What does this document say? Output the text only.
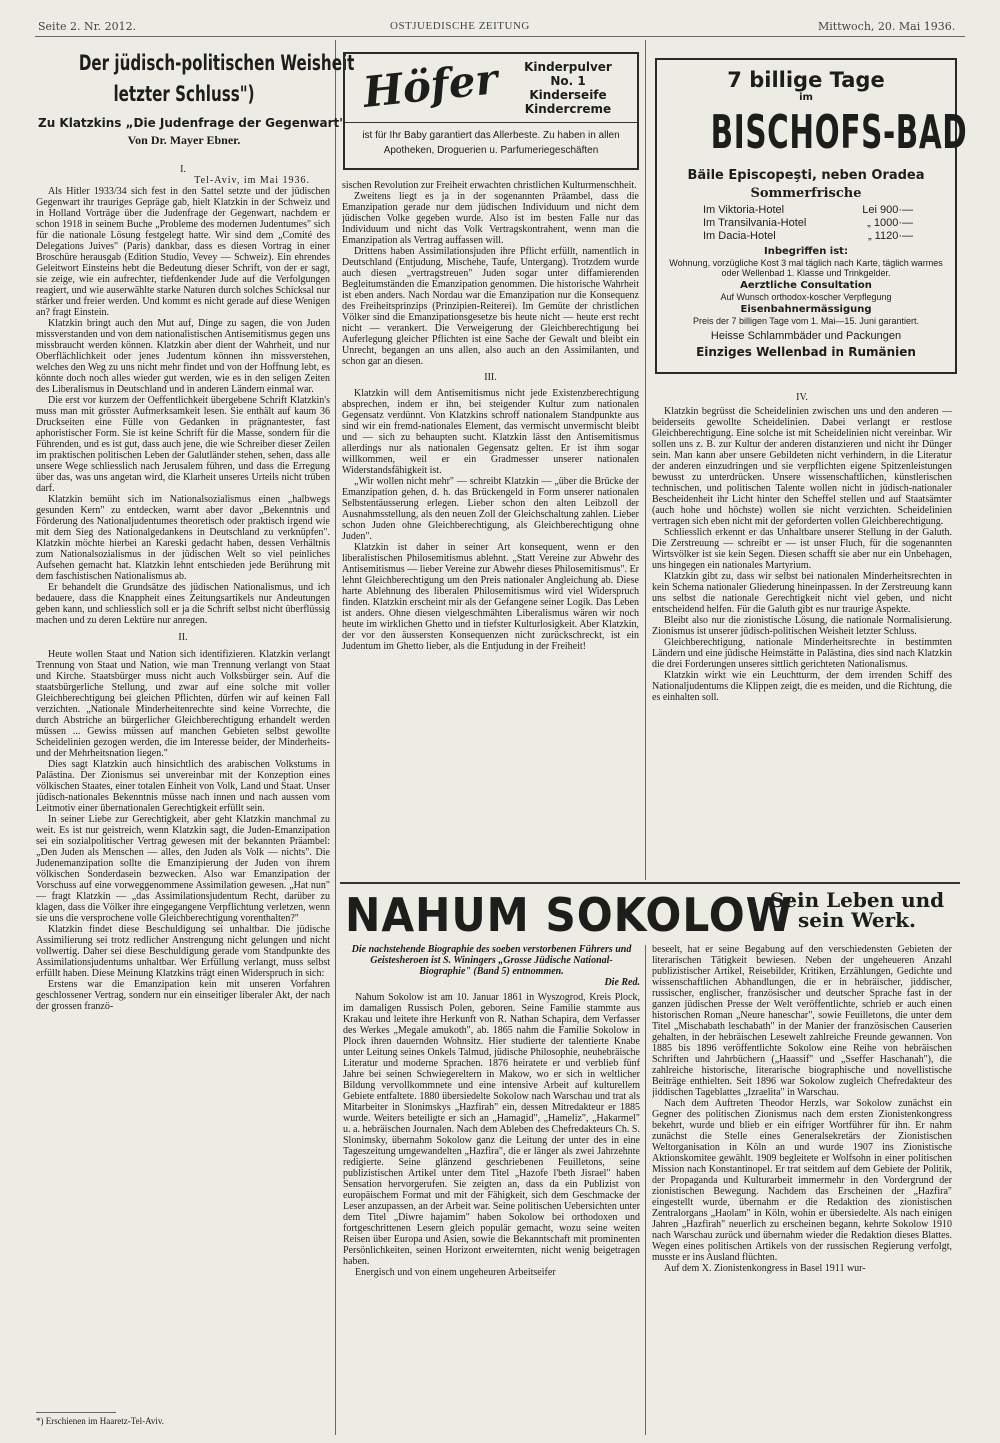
Seite 2. Nr. 2012.	OSTJUEDISCHE ZEITUNG	Mittwoch, 20. Mai 1936.
Der jüdisch-politischen Weisheit
letzter Schluss")
Zu Klatzkins „Die Judenfrage der Gegenwart"
Von Dr. Mayer Ebner.

I.

Tel-Aviv, im Mai 1936.

Als Hitler 1933/34 sich fest in den Sattel setzte und der jüdischen Gegenwart ihr trauriges Gepräge gab, hielt Klatzkin in der Schweiz und in Holland Vorträge über die Judenfrage der Gegenwart, nachdem er schon 1918 in seinem Buche „Probleme des modernen Judentumes" sich für die nationale Lösung festgelegt hatte. Wir sind dem „Comité des Delegations Juives" (Paris) dankbar, dass es diesen Vortrag in einer Broschüre herausgab (Edition Studio, Vevey — Schweiz). Ein ehrendes Geleitwort Einsteins hebt die Bedeutung dieser Schrift, von der er sagt, sie zeige, wie ein aufrechter, tiefdenkender Jude auf die Verfolgungen reagiert, und wie auserwählte starke Naturen durch solches Schicksal nur stärker und freier werden. Und kommt es nicht gerade auf diese Wenigen an? fragt Einstein.

Klatzkin bringt auch den Mut auf, Dinge zu sagen, die von Juden missverstanden und von dem nationalistischen Antisemitismus gegen uns missbraucht werden können. Klatzkin aber dient der Wahrheit, und nur Oberflächlichkeit oder jenes Judentum können ihn missverstehen, welches den Weg zu uns nicht mehr findet und von der Hoffnung lebt, es könnte doch noch alles wieder gut werden, wie es in den seligen Zeiten des Liberalismus in Deutschland und in anderen Ländern einmal war.

Die erst vor kurzem der Oeffentlichkeit übergebene Schrift Klatzkin's muss man mit grösster Aufmerksamkeit lesen. Sie enthält auf kaum 36 Druckseiten eine Fülle von Gedanken in prägnantester, fast aphoristischer Form. Sie ist keine Schrift für die Masse, sondern für die Führenden, und es ist gut, dass auch jene, die wie Schreiber dieser Zeilen im praktischen politischen Leben der Galutländer stehen, sehen, dass alle unsere Wege schliesslich nach Jerusalem führen, und dass die Erregung über das, was uns angetan wird, die Klarheit unseres Urteils nicht trüben darf.

Klatzkin bemüht sich im Nationalsozialismus einen „halbwegs gesunden Kern" zu entdecken, warnt aber davor „Bekenntnis und Förderung des Nationaljudentumes theoretisch oder praktisch irgend wie mit dem Sieg des Nationalgedankens in Deutschland zu verknüpfen". Klatzkin möchte hierbei an Kareski gedacht haben, dessen Verhältnis zum Nationalsozialismus in der jüdischen Welt so viel peinliches Aufsehen gemacht hat. Klatzkin lehnt entschieden jede Berührung mit dem faschistischen Nationalismus ab.

Er behandelt die Grundsätze des jüdischen Nationalismus, und ich bedauere, dass die Knappheit eines Zeitungsartikels nur Andeutungen geben kann, und schliesslich soll er ja die Schrift selbst nicht überflüssig machen und zu deren Lektüre nur anregen.

II.

Heute wollen Staat und Nation sich identifizieren. Klatzkin verlangt Trennung von Staat und Nation, wie man Trennung verlangt von Staat und Kirche. Staatsbürger muss nicht auch Volksbürger sein. Auf die staatsbürgerliche Stellung, und zwar auf eine solche mit voller Gleichberechtigung bei gleichen Pflichten, dürfen wir auf keinen Fall verzichten. „Nationale Minderheitenrechte sind keine Vorrechte, die durch Abstriche an bürgerlicher Gleichberechtigung erhandelt werden müssen ... Gewiss müssen auf manchen Gebieten selbst gewollte Scheidelinien gezogen werden, die im Interesse beider, der Minderheits- und der Mehrheitsnation liegen."

Dies sagt Klatzkin auch hinsichtlich des arabischen Volkstums in Palästina. Der Zionismus sei unvereinbar mit der Konzeption eines völkischen Staates, einer totalen Einheit von Volk, Land und Staat. Unser jüdisch-nationales Bekenntnis müsse nach innen und nach aussen vom Leitmotiv einer übernationalen Gerechtigkeit erfüllt sein.

In seiner Liebe zur Gerechtigkeit, aber geht Klatzkin manchmal zu weit. Es ist nur geistreich, wenn Klatzkin sagt, die Juden-Emanzipation sei ein sozialpolitischer Vertrag gewesen mit der bekannten Präambel: „Den Juden als Menschen — alles, den Juden als Volk — nichts". Die Judenemanzipation sollte die Emanzipierung der Juden von ihrem völkischen Sonderdasein bezwecken. Also war Emanzipation der Vorschuss auf eine vorweggenommene Assimilation gewesen. „Hat nun" — fragt Klatzkin — „das Assimilationsjudentum Recht, darüber zu klagen, dass die Völker ihre eingegangene Verpflichtung verletzen, wenn sie uns die versprochene volle Gleichberechtigung vorenthalten?"

Klatzkin findet diese Beschuldigung sei unhaltbar. Die jüdische Assimilierung sei trotz redlicher Anstrengung nicht gelungen und nicht vollwertig. Daher sei diese Beschuldigung gerade vom Standpunkte des Assimilationsjudentums unhaltbar. Wer Erfüllung verlangt, muss selbst erfüllt haben. Diese Meinung Klatzkins trägt einen Widerspruch in sich:

Erstens war die Emanzipation kein mit unseren Vorfahren geschlossener Vertrag, sondern nur ein einseitiger liberaler Akt, der nach der grossen franzö-

*) Erschienen im Haaretz-Tel-Aviv.

Höfer	Kinderpulver
No. 1
Kinderseife
Kindercreme
ist für Ihr Baby garantiert das Allerbeste. Zu haben in allen Apotheken, Droguerien u. Parfumeriegeschäften

sischen Revolution zur Freiheit erwachten christlichen Kulturmenschheit.

Zweitens liegt es ja in der sogenannten Präambel, dass die Emanzipation gerade nur dem jüdischen Individuum und nicht dem jüdischen Volke gegeben wurde. Also ist im besten Falle nur das Individuum und nicht das Volk Vertragskontrahent, wenn man die Emanzipation als Vertrag auffassen will.

Drittens haben Assimilationsjuden ihre Pflicht erfüllt, namentlich in Deutschland (Entjudung, Mischehe, Taufe, Untergang). Trotzdem wurde auch diesen „vertragstreuen" Juden sogar unter diffamierenden Begleitumständen die Emanzipation genommen. Die historische Wahrheit ist eben anders. Nach Nordau war die Emanzipation nur die Konsequenz des Freiheitsprinzips (Prinzipien-Reiterei). Im Gemüte der christlichen Völker sind die Emanzipationsgesetze bis heute nicht — heute erst recht nicht — verankert. Die Verweigerung der Gleichberechtigung bei Auferlegung gleicher Pflichten ist eine Sache der Gewalt und bleibt ein Unrecht, begangen an uns allen, also auch an den Assimilanten, und schon gar an diesen.

III.

Klatzkin will dem Antisemitismus nicht jede Existenzberechtigung absprechen, indem er ihn, bei steigender Kultur zum nationalen Gegensatz verdünnt. Von Klatzkins schroff nationalem Standpunkte aus sind wir ein fremd-nationales Element, das vermischt unvermischt bleibt und — sich zu behaupten sucht. Klatzkin lässt den Antisemitismus allerdings nur als nationalen Gegensatz gelten. Er ist ihm sogar willkommen, weil er ein Gradmesser unserer nationalen Widerstandsfähigkeit ist.

„Wir wollen nicht mehr" — schreibt Klatzkin — „über die Brücke der Emanzipation gehen, d. h. das Brückengeld in Form unserer nationalen Selbstentäusserung erlegen. Lieber schon den alten Leibzoll der Ausnahmsstellung, als den neuen Zoll der Gleichschaltung zahlen. Lieber schon Juden ohne Gleichberechtigung, als Gleichberechtigung ohne Juden".

Klatzkin ist daher in seiner Art konsequent, wenn er den liberalistischen Philosemitismus ablehnt. „Statt Vereine zur Abwehr des Antisemitismus — lieber Vereine zur Abwehr dieses Philosemitismus". Er lehnt Gleichberechtigung um den Preis nationaler Angleichung ab. Diese harte Ablehnung des liberalen Philosemitismus wird viel Widerspruch finden. Klatzkin erscheint mir als der Gefangene seiner Logik. Das Leben ist anders. Ohne diesen vielgeschmähten Liberalismus wären wir noch heute im wirklichen Ghetto und in tiefster Kulturlosigkeit. Aber Klatzkin, der vor den äussersten Konsequenzen nicht zurückschreckt, ist ein Judentum im Ghetto lieber, als die Entjudung in der Freiheit!

7 billige Tage
im
BISCHOFS-BAD
Bäile Episcopeşti, neben Oradea
Sommerfrische
Im Viktoria-Hotel	Lei 900·—
Im Transilvania-Hotel	„ 1000·—
Im Dacia-Hotel	„ 1120·—
Inbegriffen ist:
Wohnung, vorzügliche Kost 3 mal täglich nach Karte, täglich warmes oder Wellenbad 1. Klasse und Trinkgelder.
Aerztliche Consultation
Auf Wunsch orthodox-koscher Verpflegung
Eisenbahnermässigung
Preis der 7 billigen Tage vom 1. Mai—15. Juni garantiert.
Heisse Schlammbäder und Packungen
Einziges Wellenbad in Rumänien

IV.

Klatzkin begrüsst die Scheidelinien zwischen uns und den anderen — beiderseits gewollte Scheidelinien. Dabei verlangt er restlose Gleichberechtigung. Eine solche ist mit Scheidelinien nicht vereinbar. Wir sollen uns z. B. zur Kultur der anderen distanzieren und nicht ihr Dünger sein. Man kann aber unsere Gebildeten nicht verhindern, in die Literatur der anderen einzudringen und sie verpflichten eigene Spitzenleistungen bewusst zu unterdrücken. Unsere wissenschaftlichen, künstlerischen technischen, und politischen Talente wollen nicht in jüdisch-nationaler Bescheidenheit ihr Licht hinter den Scheffel stellen und auf Staatsämter (auch hohe und höchste) wollen sie nicht verzichten. Scheidelinien vertragen sich eben nicht mit der geforderten vollen Gleichberechtigung.

Schliesslich erkennt er das Unhaltbare unserer Stellung in der Galuth. Die Zerstreuung — schreibt er — ist unser Fluch, für die sogenannten Wirtsvölker ist sie kein Segen. Diesen schafft sie aber nur ein Unbehagen, uns hingegen ein nationales Martyrium.

Klatzkin gibt zu, dass wir selbst bei nationalen Minderheitsrechten in kein Schema nationaler Gliederung hineinpassen. In der Zerstreuung kann uns selbst die nationale Gerechtigkeit nicht viel geben, und nicht entscheidend helfen. Für die Galuth gibt es nur traurige Aspekte.

Bleibt also nur die zionistische Lösung, die nationale Normalisierung. Zionismus ist unserer jüdisch-politischen Weisheit letzter Schluss.

Gleichberechtigung, nationale Minderheitsrechte in bestimmten Ländern und eine jüdische Heimstätte in Palästina, dies sind nach Klatzkin die drei Forderungen unseres sittlich gerichteten Nationalismus.

Klatzkin wirkt wie ein Leuchtturm, der dem irrenden Schiff des Nationaljudentums die Klippen zeigt, die es meiden, und die Richtung, die es einhalten soll.

NAHUM SOKOLOW
Sein Leben und
sein Werk.

Die nachstehende Biographie des soeben verstorbenen Führers und Geistesheroen ist S. Winingers „Grosse Jüdische National-Biographie" (Band 5) entnommen.

Die Red.

Nahum Sokolow ist am 10. Januar 1861 in Wyszogrod, Kreis Plock, im damaligen Russisch Polen, geboren. Seine Familie stammte aus Krakau und leitete ihre Herkunft von R. Nathan Schapira, dem Verfasser des Werkes „Megale amukoth", ab. 1865 nahm die Familie Sokolow in Plock ihren dauernden Wohnsitz. Hier studierte der talentierte Knabe unter Leitung seines Onkels Talmud, jüdische Philosophie, neuhebräische Literatur und moderne Sprachen. 1876 heiratete er und verblieb fünf Jahre bei seinen Schwiegereltern in Makow, wo er sich in weltlicher Bildung vervollkommnete und eine intensive Arbeit auf kulturellem Gebiete entfaltete. 1880 übersiedelte Sokolow nach Warschau und trat als Mitarbeiter in Slonimskys „Hazfirah" ein, dessen Mitredakteur er 1885 wurde. Weiters beteiligte er sich an „Hamagid", „Hameliz", „Hakarmel" u. a. hebräischen Journalen. Nach dem Ableben des Chefredakteurs Ch. S. Slonimsky, übernahm Sokolow ganz die Leitung der unter des in eine Tageszeitung umgewandelten „Hazfira", die er länger als zwei Jahrzehnte redigierte. Seine glänzend geschriebenen Feuilletons, seine publizistischen Artikel unter dem Titel „Hazofe l'beth Jisrael" haben Sensation hervorgerufen. Sie zeigten an, dass da ein Publizist von europäischem Format und mit der Fähigkeit, sich dem Geschmacke der Leser anzupassen, an der Arbeit war. Seine politischen Uebersichten unter dem Titel „Diwre hajamim" haben Sokolow bei orthodoxen und fortgeschrittenen Lesern gleich populär gemacht, wozu seine weiten Reisen über Europa und Asien, sowie die Bekanntschaft mit prominenten Persönlichkeiten, seinen Horizont erweiternten, nicht wenig beigetragen haben.

Energisch und von einem ungeheuren Arbeitseifer

beseelt, hat er seine Begabung auf den verschiedensten Gebieten der literarischen Tätigkeit bewiesen. Neben der ungeheueren Anzahl publizistischer Artikel, Reisebilder, Kritiken, Erzählungen, Gedichte und wissenschaftlichen Abhandlungen, die er in hebräischer, jiddischer, russischer, englischer, französischer und deutscher Sprache fast in der ganzen jüdischen Presse der Welt veröffentlichte, schrieb er auch einen historischen Roman „Neure haneschar", sowie Feuilletons, die unter dem Titel „Mischabath leschabath" in der Manier der französischen Causerien gehalten, in der hebräischen Lesewelt zahlreiche Freunde gewannen. Von 1885 bis 1896 veröffentlichte Sokolow eine Reihe von hebräischen Schriften und Jahrbüchern („Haassif" und „Sseffer Haschanah"), die zahlreiche historische, literarische biographische und novellistische Beiträge enthielten. Seit 1896 war Sokolow zugleich Chefredakteur des jiddischen Tageblattes „Izraelita" in Warschau.

Nach dem Auftreten Theodor Herzls, war Sokolow zunächst ein Gegner des politischen Zionismus nach dem ersten Zionistenkongress bekehrt, wurde und blieb er ein eifriger Wortführer für ihn. Er nahm zunächst die Stelle eines Generalsekretärs der Zionistischen Weltorganisation in Köln an und wurde 1907 ins Zionistische Aktionskomitee gewählt. 1909 begleitete er Wolfsohn in einer politischen Mission nach Konstantinopel. Er trat seitdem auf dem Gebiete der Politik, der Propaganda und Kulturarbeit immermehr in den Vordergrund der zionistischen Bewegung. Nachdem das Erscheinen der „Hazfira" eingestellt wurde, übernahm er die Redaktion des zionistischen Zentralorgans „Haolam" in Köln, wohin er übersiedelte. Als nach einigen Jahren „Hazfirah" neuerlich zu erscheinen begann, kehrte Sokolow 1910 nach Warschau zurück und übernahm wieder die Redaktion dieses Blattes. Wegen eines politischen Artikels von der russischen Regierung verfolgt, musste er ins Ausland flüchten.

Auf dem X. Zionistenkongress in Basel 1911 wur-
